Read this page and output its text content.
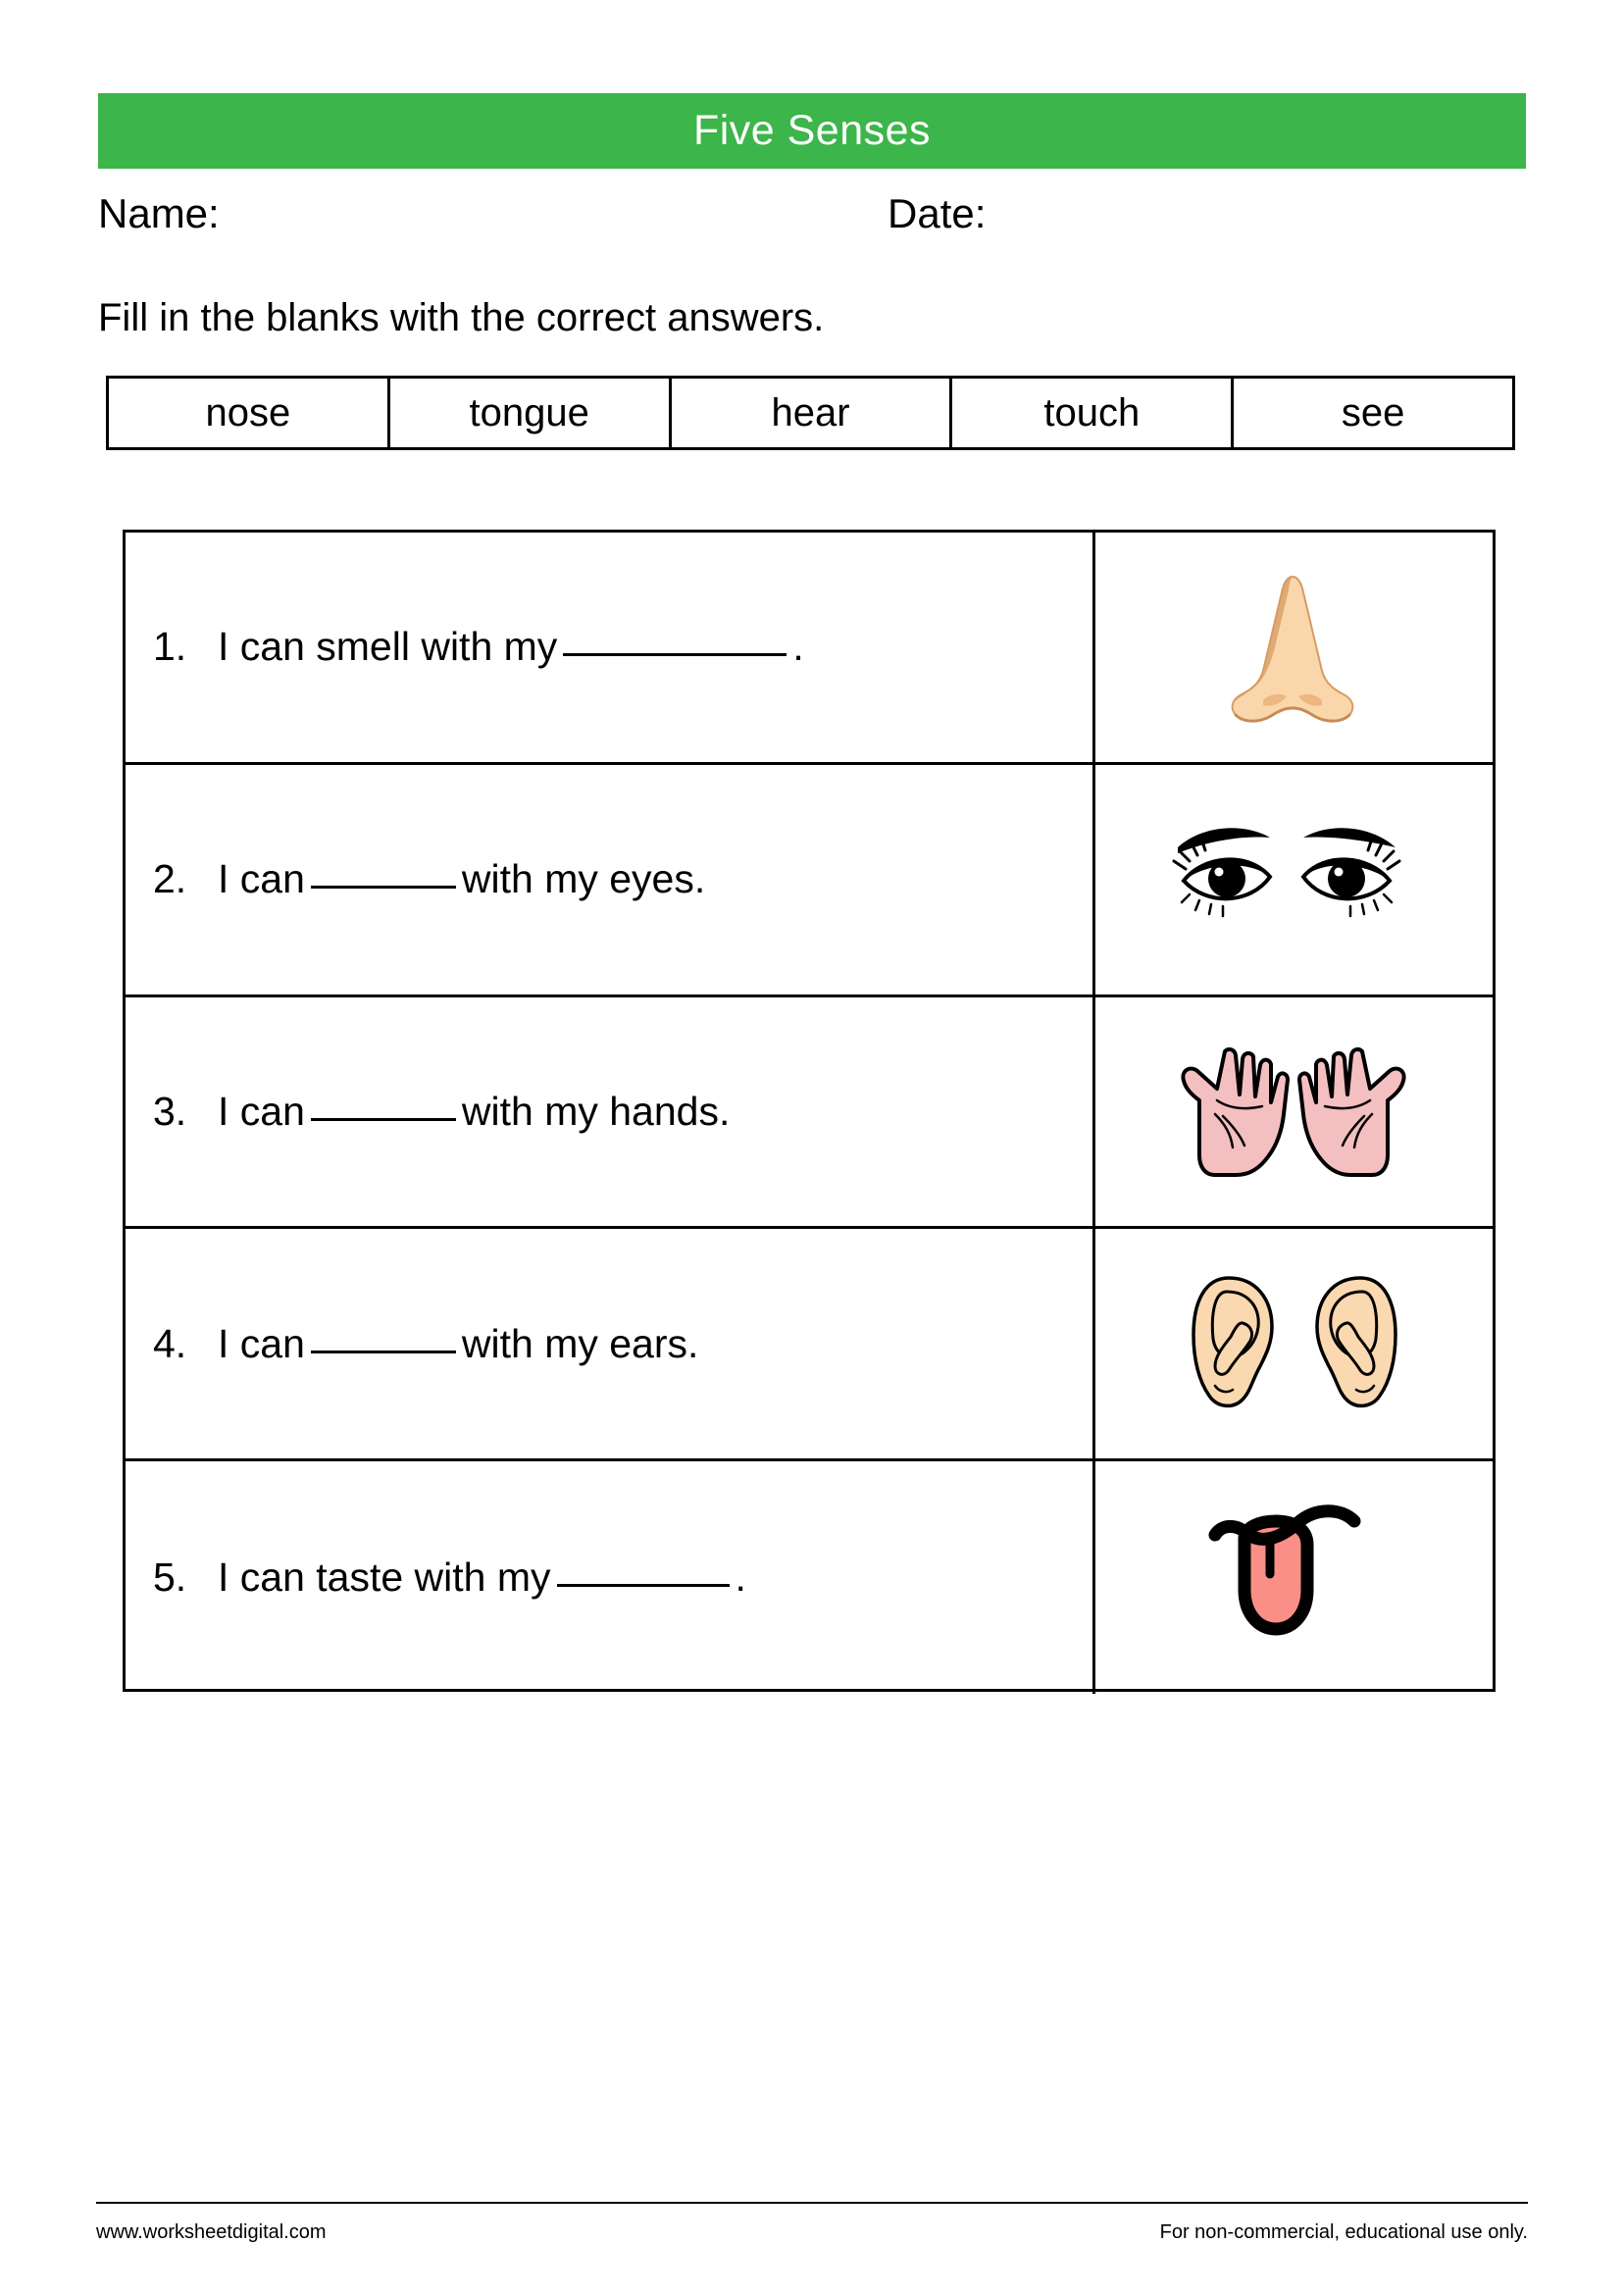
Five Senses
Name:	Date:
Fill in the blanks with the correct answers.
nose	tongue	hear	touch	see
1. I can smell with my	.
2. I can	with my eyes.
3. I can	with my hands.
4. I can	with my ears.
5. I can taste with my	.
www.worksheetdigital.com	For non-commercial, educational use only.
